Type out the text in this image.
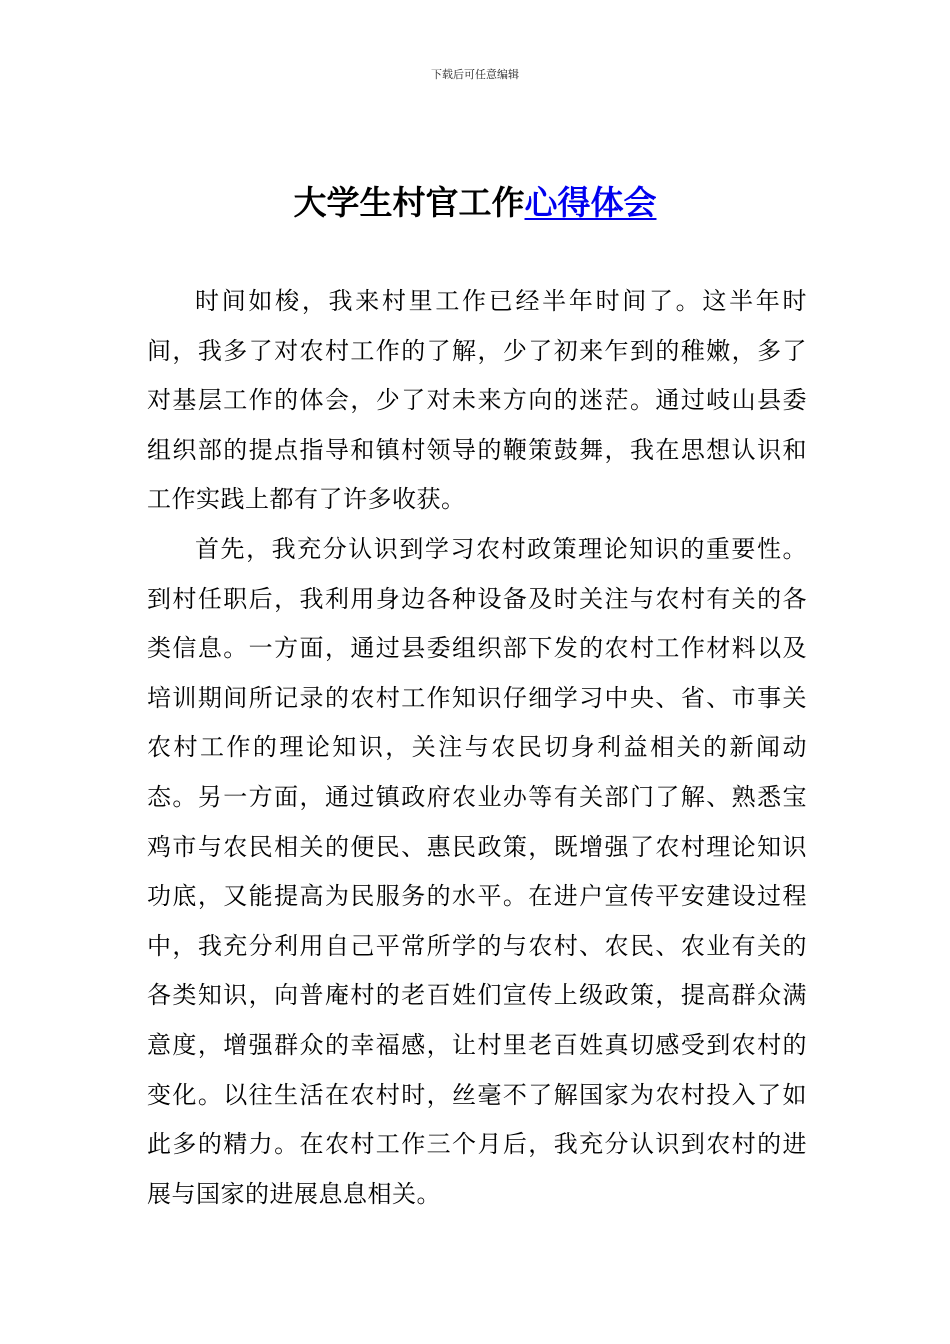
下载后可任意编辑
大学生村官工作心得体会

时间如梭，我来村里工作已经半年时间了。这半年时间，我多了对农村工作的了解，少了初来乍到的稚嫩，多了对基层工作的体会，少了对未来方向的迷茫。通过岐山县委组织部的提点指导和镇村领导的鞭策鼓舞，我在思想认识和工作实践上都有了许多收获。

首先，我充分认识到学习农村政策理论知识的重要性。到村任职后，我利用身边各种设备及时关注与农村有关的各类信息。一方面，通过县委组织部下发的农村工作材料以及培训期间所记录的农村工作知识仔细学习中央、省、市事关农村工作的理论知识，关注与农民切身利益相关的新闻动态。另一方面，通过镇政府农业办等有关部门了解、熟悉宝鸡市与农民相关的便民、惠民政策，既增强了农村理论知识功底，又能提高为民服务的水平。在进户宣传平安建设过程中，我充分利用自己平常所学的与农村、农民、农业有关的各类知识，向普庵村的老百姓们宣传上级政策，提高群众满意度，增强群众的幸福感，让村里老百姓真切感受到农村的变化。以往生活在农村时，丝毫不了解国家为农村投入了如此多的精力。在农村工作三个月后，我充分认识到农村的进展与国家的进展息息相关。
